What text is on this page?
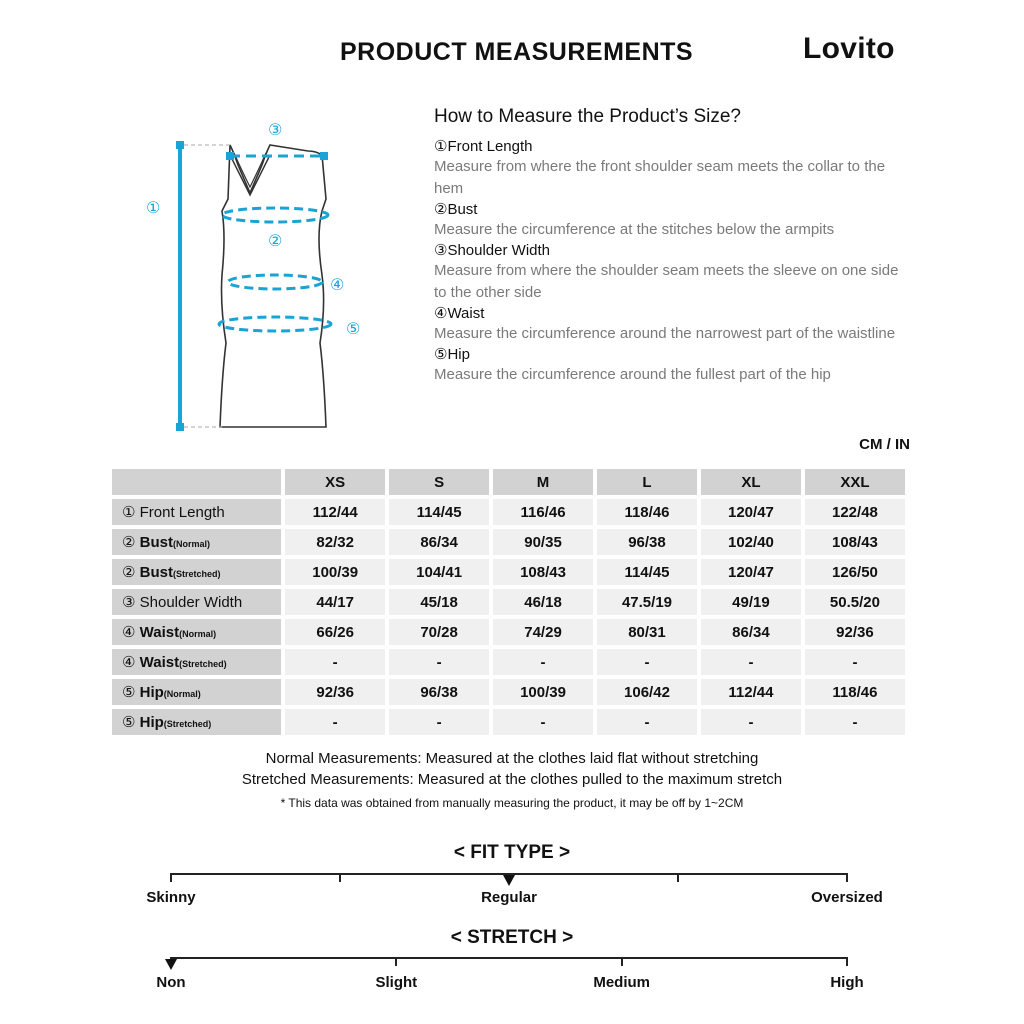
PRODUCT MEASUREMENTS	Lovito
①
②
③
④
⑤
How to Measure the Product’s Size?
①Front Length
Measure from where the front shoulder seam meets the collar to the hem
②Bust
Measure the circumference at the stitches below the armpits
③Shoulder Width
Measure from where the shoulder seam meets the sleeve on one side to the other side
④Waist
Measure the circumference around the narrowest part of the waistline
⑤Hip
Measure the circumference around the fullest part of the hip
CM / IN
	XS	S	M	L	XL	XXL
① Front Length	112/44	114/45	116/46	118/46	120/47	122/48
② Bust(Normal)	82/32	86/34	90/35	96/38	102/40	108/43
② Bust(Stretched)	100/39	104/41	108/43	114/45	120/47	126/50
③ Shoulder Width	44/17	45/18	46/18	47.5/19	49/19	50.5/20
④ Waist(Normal)	66/26	70/28	74/29	80/31	86/34	92/36
④ Waist(Stretched)	-	-	-	-	-	-
⑤ Hip(Normal)	92/36	96/38	100/39	106/42	112/44	118/46
⑤ Hip(Stretched)	-	-	-	-	-	-
Normal Measurements: Measured at the clothes laid flat without stretching
Stretched Measurements: Measured at the clothes pulled to the maximum stretch
* This data was obtained from manually measuring the product, it may be off by 1~2CM
< FIT TYPE >
Skinny	Regular	Oversized
< STRETCH >
Non	Slight	Medium	High
